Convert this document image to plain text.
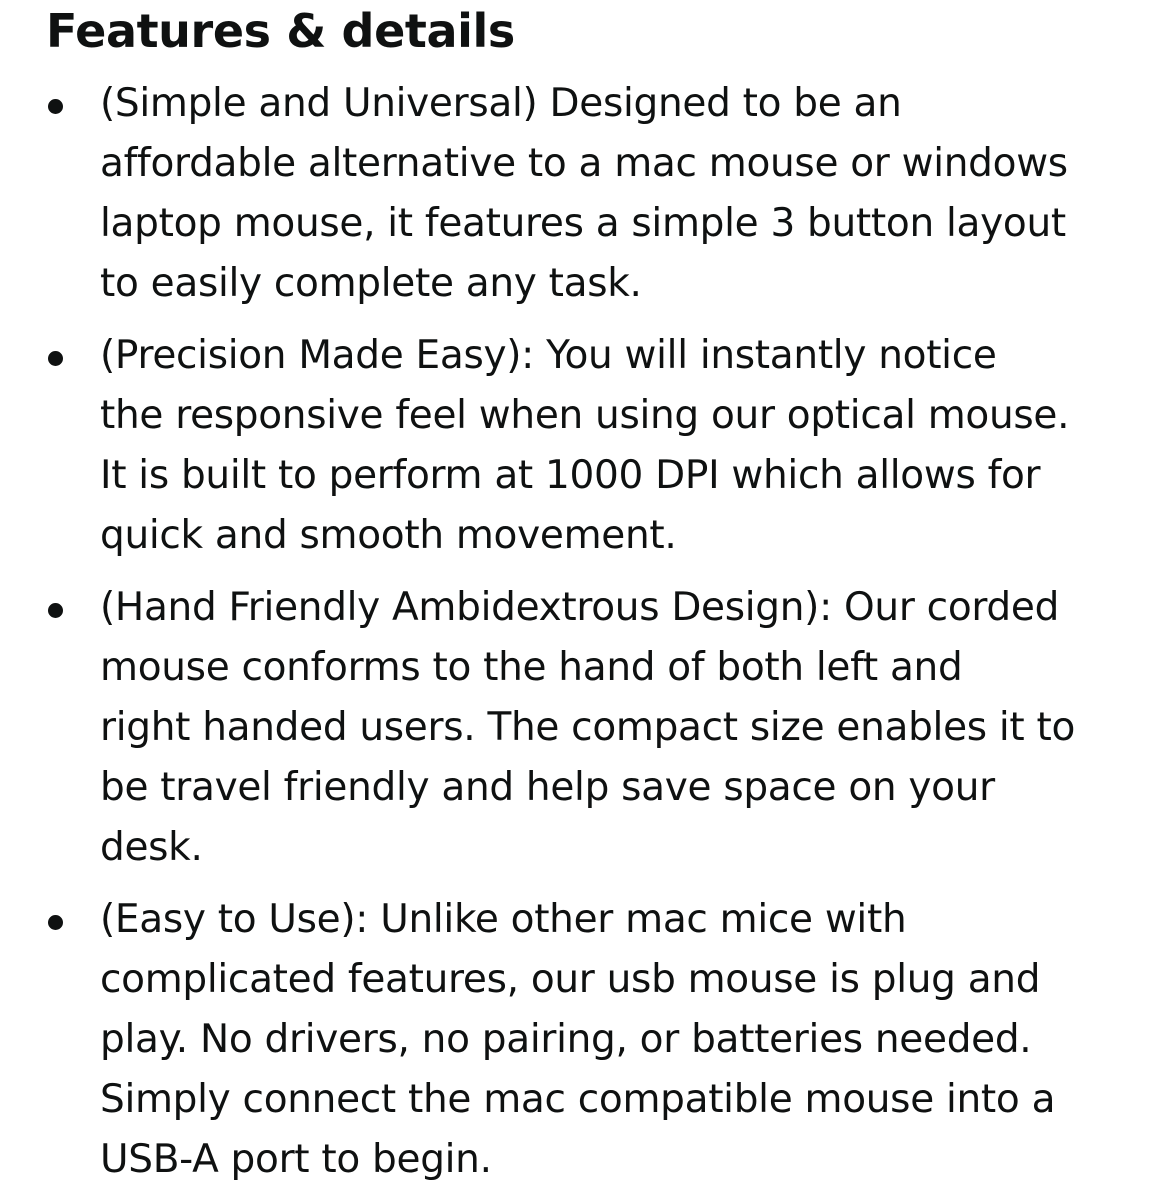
Features & details
(Simple and Universal) Designed to be an
affordable alternative to a mac mouse or windows
laptop mouse, it features a simple 3 button layout
to easily complete any task.
(Precision Made Easy): You will instantly notice
the responsive feel when using our optical mouse.
It is built to perform at 1000 DPI which allows for
quick and smooth movement.
(Hand Friendly Ambidextrous Design): Our corded
mouse conforms to the hand of both left and
right handed users. The compact size enables it to
be travel friendly and help save space on your
desk.
(Easy to Use): Unlike other mac mice with
complicated features, our usb mouse is plug and
play. No drivers, no pairing, or batteries needed.
Simply connect the mac compatible mouse into a
USB-A port to begin.
